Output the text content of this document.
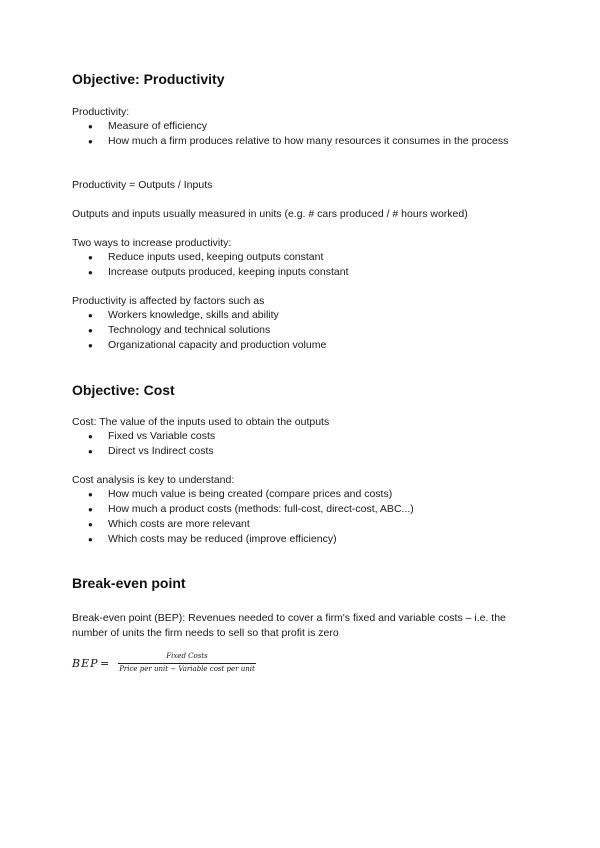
Objective: Productivity

Productivity:

● Measure of efficiency
● How much a firm produces relative to how many resources it consumes in the process

Productivity = Outputs / Inputs

Outputs and inputs usually measured in units (e.g. # cars produced / # hours worked)

Two ways to increase productivity:

● Reduce inputs used, keeping outputs constant
● Increase outputs produced, keeping inputs constant

Productivity is affected by factors such as

● Workers knowledge, skills and ability
● Technology and technical solutions
● Organizational capacity and production volume
Objective: Cost

Cost: The value of the inputs used to obtain the outputs

● Fixed vs Variable costs
● Direct vs Indirect costs

Cost analysis is key to understand:

● How much value is being created (compare prices and costs)
● How much a product costs (methods: full-cost, direct-cost, ABC...)
● Which costs are more relevant
● Which costs may be reduced (improve efficiency)
Break-even point

Break-even point (BEP): Revenues needed to cover a firm's fixed and variable costs – i.e. the number of units the firm needs to sell so that profit is zero

BEP =
Fixed Costs
Price per unit − Variable cost per unit
